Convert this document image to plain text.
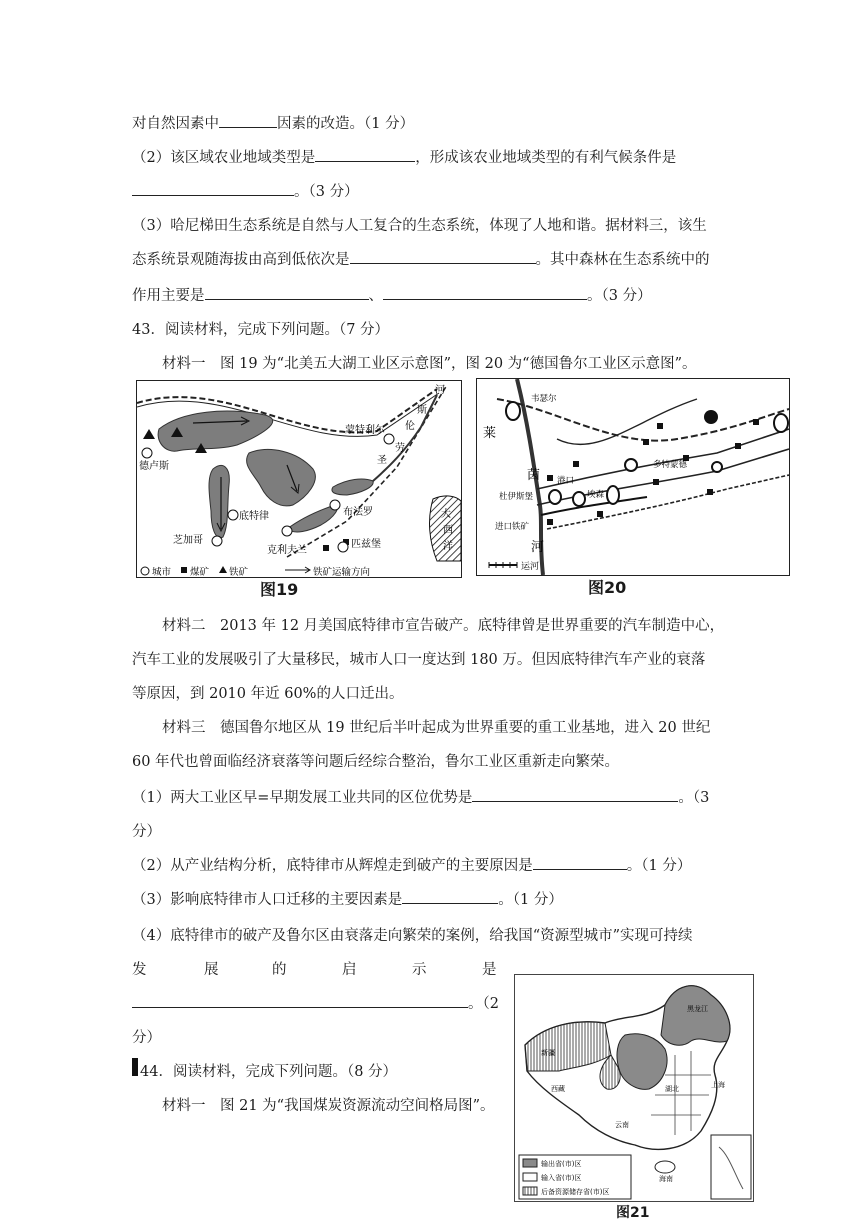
对自然因素中	因素的改造。（1 分）
（2）该区域农业地域类型是	，形成该农业地域类型的有利气候条件是
。（3 分）
（3）哈尼梯田生态系统是自然与人工复合的生态系统，体现了人地和谐。据材料三，该生
态系统景观随海拔由高到低依次是	。其中森林在生态系统中的
作用主要是	、	。（3 分）
43．阅读材料，完成下列问题。（7 分）
材料一　图 19 为“北美五大湖工业区示意图”，图 20 为“德国鲁尔工业区示意图”。
德卢斯
底特律
芝加哥
克利夫兰
布法罗
匹兹堡
蒙特利尔
河
斯
伦
劳
圣
大
西
洋
城市 煤矿 铁矿	铁矿运输方向
图19
韦瑟尔
莱
茵
河
多特蒙德
杜伊斯堡	埃森
港口
进口铁矿
运河
图20
材料二　2013 年 12 月美国底特律市宣告破产。底特律曾是世界重要的汽车制造中心，
汽车工业的发展吸引了大量移民，城市人口一度达到 180 万。但因底特律汽车产业的衰落
等原因，到 2010 年近 60%的人口迁出。
材料三　德国鲁尔地区从 19 世纪后半叶起成为世界重要的重工业基地，进入 20 世纪
60 年代也曾面临经济衰落等问题后经综合整治，鲁尔工业区重新走向繁荣。
（1）两大工业区早=早期发展工业共同的区位优势是	。（3
分）
（2）从产业结构分析，底特律市从辉煌走到破产的主要原因是	。（1 分）
（3）影响底特律市人口迁移的主要因素是	。（1 分）
（4）底特律市的破产及鲁尔区由衰落走向繁荣的案例，给我国“资源型城市”实现可持续
发	展	的	启	示	是
。（2
分）
44．阅读材料，完成下列问题。（8 分）
材料一　图 21 为“我国煤炭资源流动空间格局图”。
新疆
西藏
黑龙江
上海
海南
湖北
云南
输出省(市)区
输入省(市)区
后备资源储存省(市)区
图21
